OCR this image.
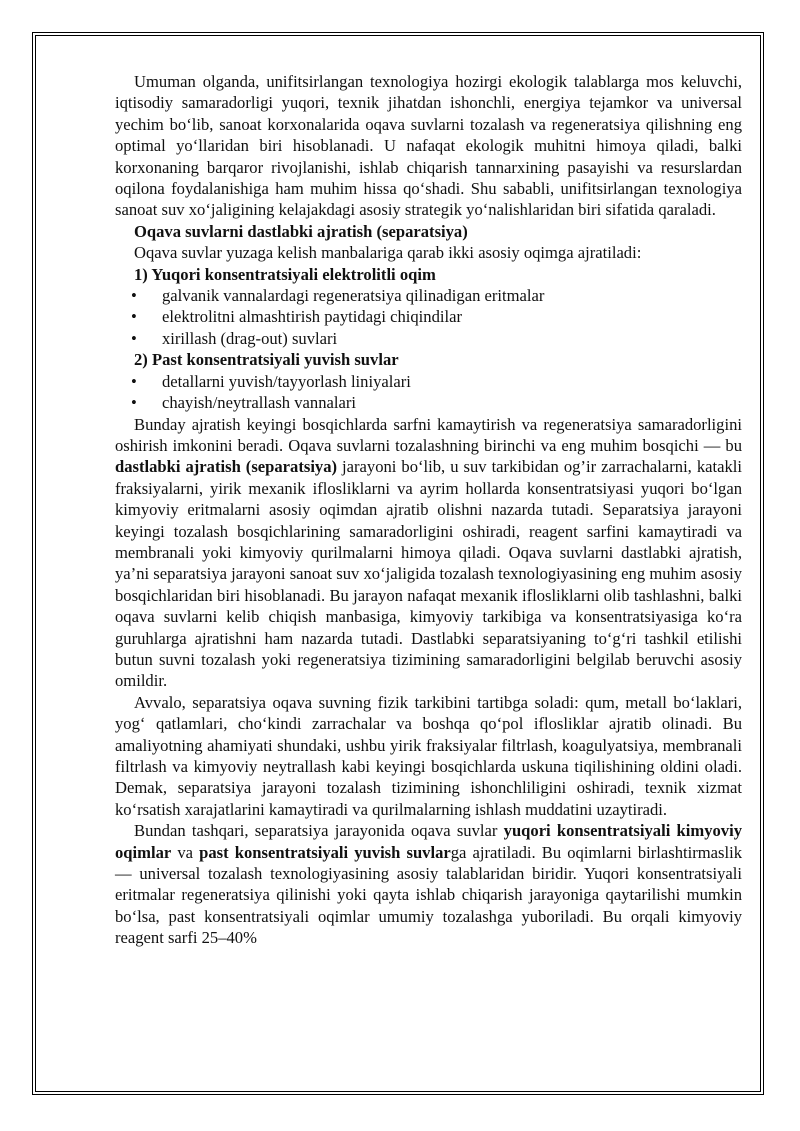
Umuman olganda, unifitsirlangan texnologiya hozirgi ekologik talablarga mos keluvchi, iqtisodiy samaradorligi yuqori, texnik jihatdan ishonchli, energiya tejamkor va universal yechim bo‘lib, sanoat korxonalarida oqava suvlarni tozalash va regeneratsiya qilishning eng optimal yo‘llaridan biri hisoblanadi. U nafaqat ekologik muhitni himoya qiladi, balki korxonaning barqaror rivojlanishi, ishlab chiqarish tannarxining pasayishi va resurslardan oqilona foydalanishiga ham muhim hissa qo‘shadi. Shu sababli, unifitsirlangan texnologiya sanoat suv xo‘jaligining kelajakdagi asosiy strategik yo‘nalishlaridan biri sifatida qaraladi.

Oqava suvlarni dastlabki ajratish (separatsiya)

Oqava suvlar yuzaga kelish manbalariga qarab ikki asosiy oqimga ajratiladi:

1) Yuqori konsentratsiyali elektrolitli oqim

• galvanik vannalardagi regeneratsiya qilinadigan eritmalar
• elektrolitni almashtirish paytidagi chiqindilar
• xirillash (drag-out) suvlari

2) Past konsentratsiyali yuvish suvlar

• detallarni yuvish/tayyorlash liniyalari
• chayish/neytrallash vannalari

Bunday ajratish keyingi bosqichlarda sarfni kamaytirish va regeneratsiya samaradorligini oshirish imkonini beradi. Oqava suvlarni tozalashning birinchi va eng muhim bosqichi — bu dastlabki ajratish (separatsiya) jarayoni bo‘lib, u suv tarkibidan og’ir zarrachalarni, katakli fraksiyalarni, yirik mexanik iflosliklarni va ayrim hollarda konsentratsiyasi yuqori bo‘lgan kimyoviy eritmalarni asosiy oqimdan ajratib olishni nazarda tutadi. Separatsiya jarayoni keyingi tozalash bosqichlarining samaradorligini oshiradi, reagent sarfini kamaytiradi va membranali yoki kimyoviy qurilmalarni himoya qiladi. Oqava suvlarni dastlabki ajratish, ya’ni separatsiya jarayoni sanoat suv xo‘jaligida tozalash texnologiyasining eng muhim asosiy bosqichlaridan biri hisoblanadi. Bu jarayon nafaqat mexanik iflosliklarni olib tashlashni, balki oqava suvlarni kelib chiqish manbasiga, kimyoviy tarkibiga va konsentratsiyasiga ko‘ra guruhlarga ajratishni ham nazarda tutadi. Dastlabki separatsiyaning to‘g‘ri tashkil etilishi butun suvni tozalash yoki regeneratsiya tizimining samaradorligini belgilab beruvchi asosiy omildir.

Avvalo, separatsiya oqava suvning fizik tarkibini tartibga soladi: qum, metall bo‘laklari, yog‘ qatlamlari, cho‘kindi zarrachalar va boshqa qo‘pol iflosliklar ajratib olinadi. Bu amaliyotning ahamiyati shundaki, ushbu yirik fraksiyalar filtrlash, koagulyatsiya, membranali filtrlash va kimyoviy neytrallash kabi keyingi bosqichlarda uskuna tiqilishining oldini oladi. Demak, separatsiya jarayoni tozalash tizimining ishonchliligini oshiradi, texnik xizmat ko‘rsatish xarajatlarini kamaytiradi va qurilmalarning ishlash muddatini uzaytiradi.

Bundan tashqari, separatsiya jarayonida oqava suvlar yuqori konsentratsiyali kimyoviy oqimlar va past konsentratsiyali yuvish suvlarga ajratiladi. Bu oqimlarni birlashtirmaslik — universal tozalash texnologiyasining asosiy talablaridan biridir. Yuqori konsentratsiyali eritmalar regeneratsiya qilinishi yoki qayta ishlab chiqarish jarayoniga qaytarilishi mumkin bo‘lsa, past konsentratsiyali oqimlar umumiy tozalashga yuboriladi. Bu orqali kimyoviy reagent sarfi 25–40%
